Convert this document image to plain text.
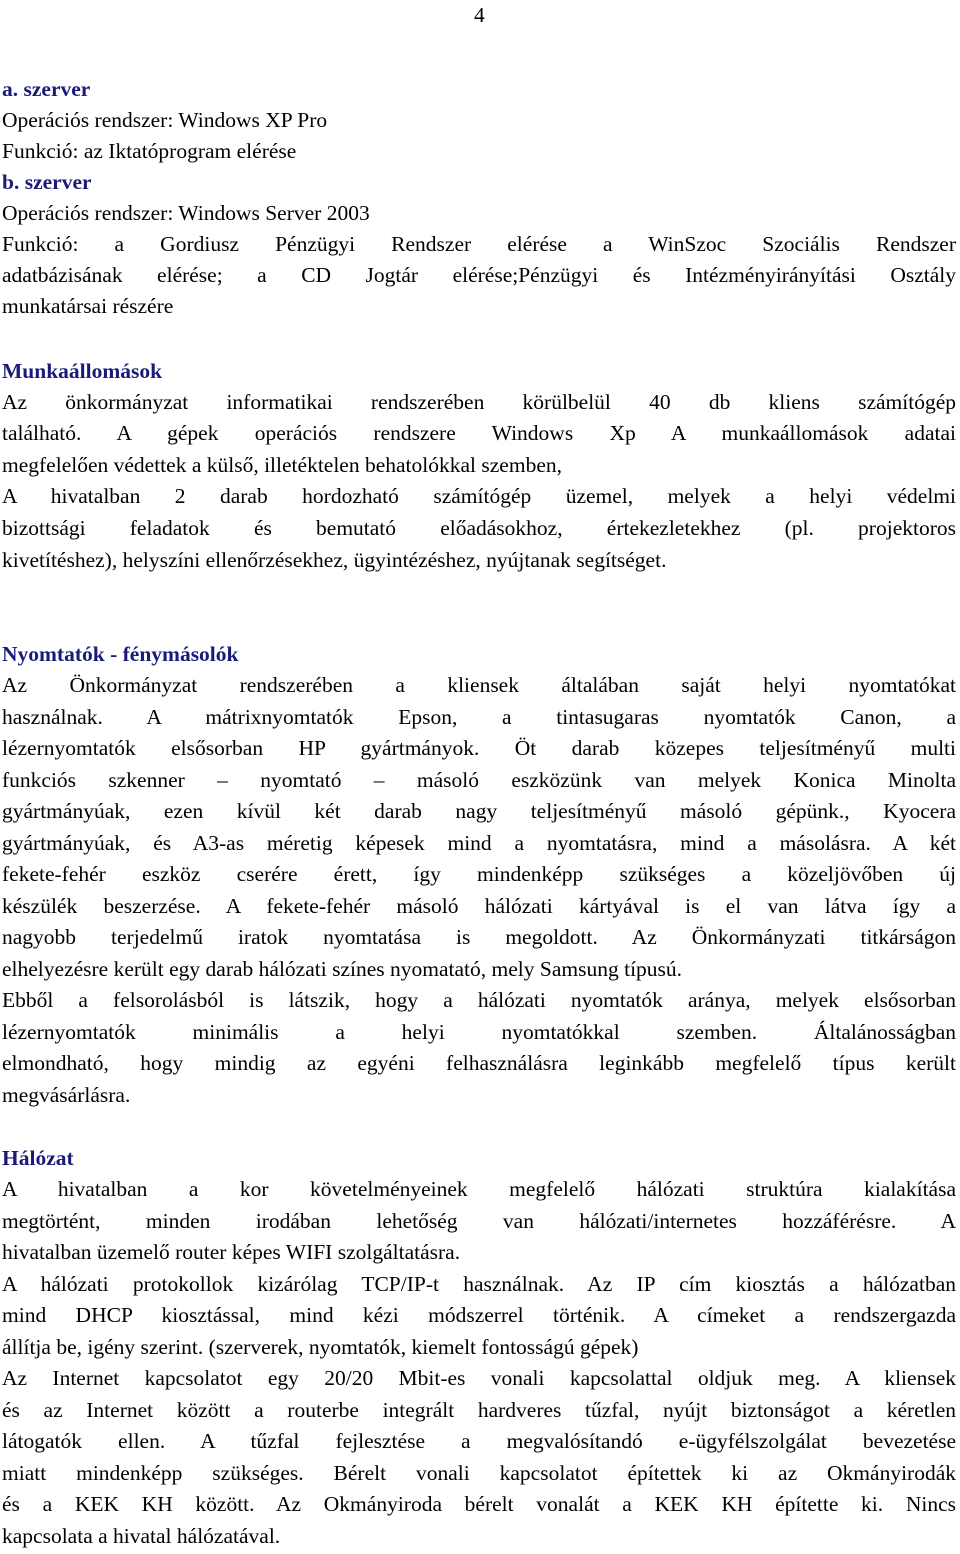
4
a. szerver
Operációs rendszer: Windows XP Pro
Funkció: az Iktatóprogram elérése
b. szerver
Operációs rendszer: Windows Server 2003
Funkció: a Gordiusz Pénzügyi Rendszer elérése a WinSzoc Szociális Rendszer
adatbázisának elérése; a CD Jogtár elérése;Pénzügyi és Intézményirányítási Osztály
munkatársai részére
Munkaállomások
Az önkormányzat informatikai rendszerében körülbelül 40 db kliens számítógép
található. A gépek operációs rendszere Windows Xp A munkaállomások adatai
megfelelően védettek a külső, illetéktelen behatolókkal szemben,
A hivatalban 2 darab hordozható számítógép üzemel, melyek a helyi védelmi
bizottsági feladatok és bemutató előadásokhoz, értekezletekhez (pl. projektoros
kivetítéshez), helyszíni ellenőrzésekhez, ügyintézéshez, nyújtanak segítséget.
Nyomtatók - fénymásolók
Az Önkormányzat rendszerében a kliensek általában saját helyi nyomtatókat
használnak. A mátrixnyomtatók Epson, a tintasugaras nyomtatók Canon, a
lézernyomtatók elsősorban HP gyártmányok. Öt darab közepes teljesítményű multi
funkciós szkenner – nyomtató – másoló eszközünk van melyek Konica Minolta
gyártmányúak, ezen kívül két darab nagy teljesítményű másoló gépünk., Kyocera
gyártmányúak, és A3-as méretig képesek mind a nyomtatásra, mind a másolásra. A két
fekete-fehér eszköz cserére érett, így mindenképp szükséges a közeljövőben új
készülék beszerzése. A fekete-fehér másoló hálózati kártyával is el van látva így a
nagyobb terjedelmű iratok nyomtatása is megoldott. Az Önkormányzati titkárságon
elhelyezésre került egy darab hálózati színes nyomatató, mely Samsung típusú.
Ebből a felsorolásból is látszik, hogy a hálózati nyomtatók aránya, melyek elsősorban
lézernyomtatók minimális a helyi nyomtatókkal szemben. Általánosságban
elmondható, hogy mindig az egyéni felhasználásra leginkább megfelelő típus került
megvásárlásra.
Hálózat
A hivatalban a kor követelményeinek megfelelő hálózati struktúra kialakítása
megtörtént, minden irodában lehetőség van hálózati/internetes hozzáférésre. A
hivatalban üzemelő router képes WIFI szolgáltatásra.
A hálózati protokollok kizárólag TCP/IP-t használnak. Az IP cím kiosztás a hálózatban
mind DHCP kiosztással, mind kézi módszerrel történik. A címeket a rendszergazda
állítja be, igény szerint. (szerverek, nyomtatók, kiemelt fontosságú gépek)
Az Internet kapcsolatot egy 20/20 Mbit-es vonali kapcsolattal oldjuk meg. A kliensek
és az Internet között a routerbe integrált hardveres tűzfal, nyújt biztonságot a kéretlen
látogatók ellen. A tűzfal fejlesztése a megvalósítandó e-ügyfélszolgálat bevezetése
miatt mindenképp szükséges. Bérelt vonali kapcsolatot építettek ki az Okmányirodák
és a KEK KH között. Az Okmányiroda bérelt vonalát a KEK KH építette ki. Nincs
kapcsolata a hivatal hálózatával.
